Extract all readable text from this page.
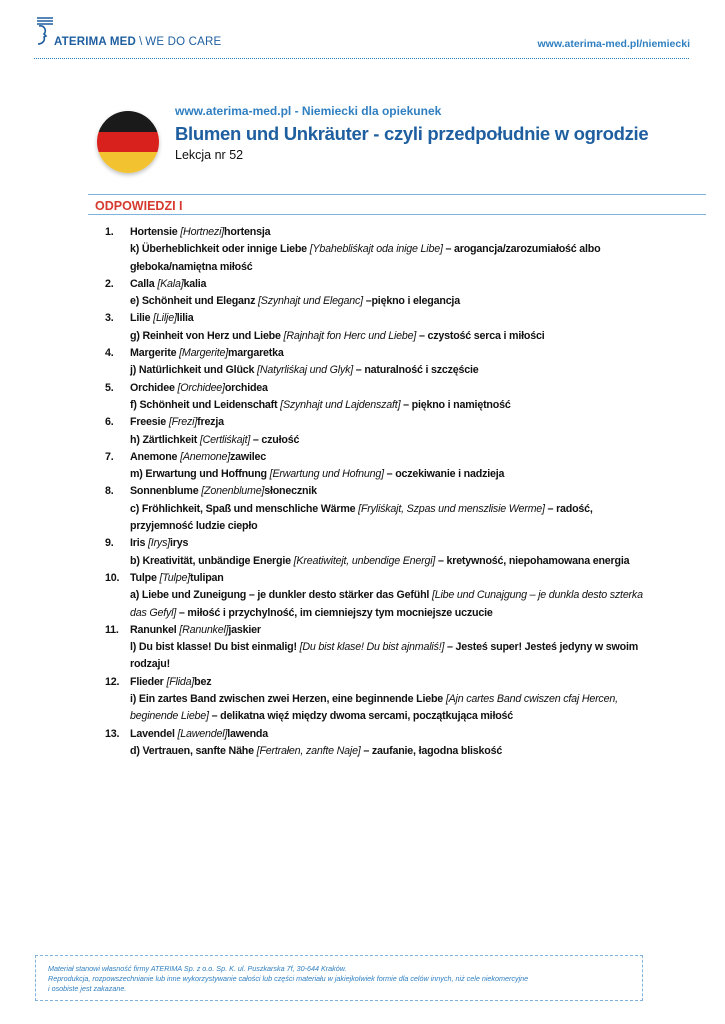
ATERIMA MED \ WE DO CARE	www.aterima-med.pl/niemiecki
www.aterima-med.pl - Niemiecki dla opiekunek
Blumen und Unkräuter - czyli przedpołudnie w ogrodzie
Lekcja nr 52
ODPOWIEDZI I
1.	Hortensie [Hortnezi]hortensja
k) Überheblichkeit oder innige Liebe [Ybahebliśkajt oda inige Libe] – arogancja/zarozumiałość albo
głeboka/namiętna miłość
2.	Calla [Kala]kalia
e) Schönheit und Eleganz [Szynhajt und Eleganc] –piękno i elegancja
3.	Lilie [Lilje]lilia
g) Reinheit von Herz und Liebe [Rajnhajt fon Herc und Liebe] – czystość serca i miłości
4.	Margerite [Margerite]margaretka
j) Natürlichkeit und Glück [Natyrliśkaj und Glyk] – naturalność i szczęście
5.	Orchidee [Orchidee]orchidea
f) Schönheit und Leidenschaft [Szynhajt und Lajdenszaft] – piękno i namiętność
6.	Freesie [Frezi]frezja
h) Zärtlichkeit [Certliśkajt] – czułość
7.	Anemone [Anemone]zawilec
m) Erwartung und Hoffnung [Erwartung und Hofnung] – oczekiwanie i nadzieja
8.	Sonnenblume [Zonenblume]słonecznik
c) Fröhlichkeit, Spaß und menschliche Wärme [Fryliśkajt, Szpas und menszlisie Werme] – radość,
przyjemność ludzie ciepło
9.	Iris [Irys]irys
b) Kreativität, unbändige Energie [Kreatiwitejt, unbendige Energi] – kretywność, niepohamowana energia
10.	Tulpe [Tulpe]tulipan
a) Liebe und Zuneigung – je dunkler desto stärker das Gefühl [Libe und Cunajgung – je dunkla desto szterka
das Gefyl] – miłość i przychylność, im ciemniejszy tym mocniejsze uczucie
11.	Ranunkel [Ranunkel]jaskier
l) Du bist klasse! Du bist einmalig! [Du bist klase! Du bist ajnmaliś!] – Jesteś super! Jesteś jedyny w swoim
rodzaju!
12.	Flieder [Flida]bez
i) Ein zartes Band zwischen zwei Herzen, eine beginnende Liebe [Ajn cartes Band cwiszen cfaj Hercen,
beginende Liebe] – delikatna więź między dwoma sercami, początkująca miłość
13.	Lavendel [Lawendel]lawenda
d) Vertrauen, sanfte Nähe [Fertrałen, zanfte Naje] – zaufanie, łagodna bliskość

Materiał stanowi własność firmy ATERIMA Sp. z o.o. Sp. K. ul. Puszkarska 7f, 30-644 Kraków.

Reprodukcja, rozpowszechnianie lub inne wykorzystywanie całości lub części materiału w jakiejkolwiek formie dla celów innych, niż cele niekomercyjne

i osobiste jest zakazane.
